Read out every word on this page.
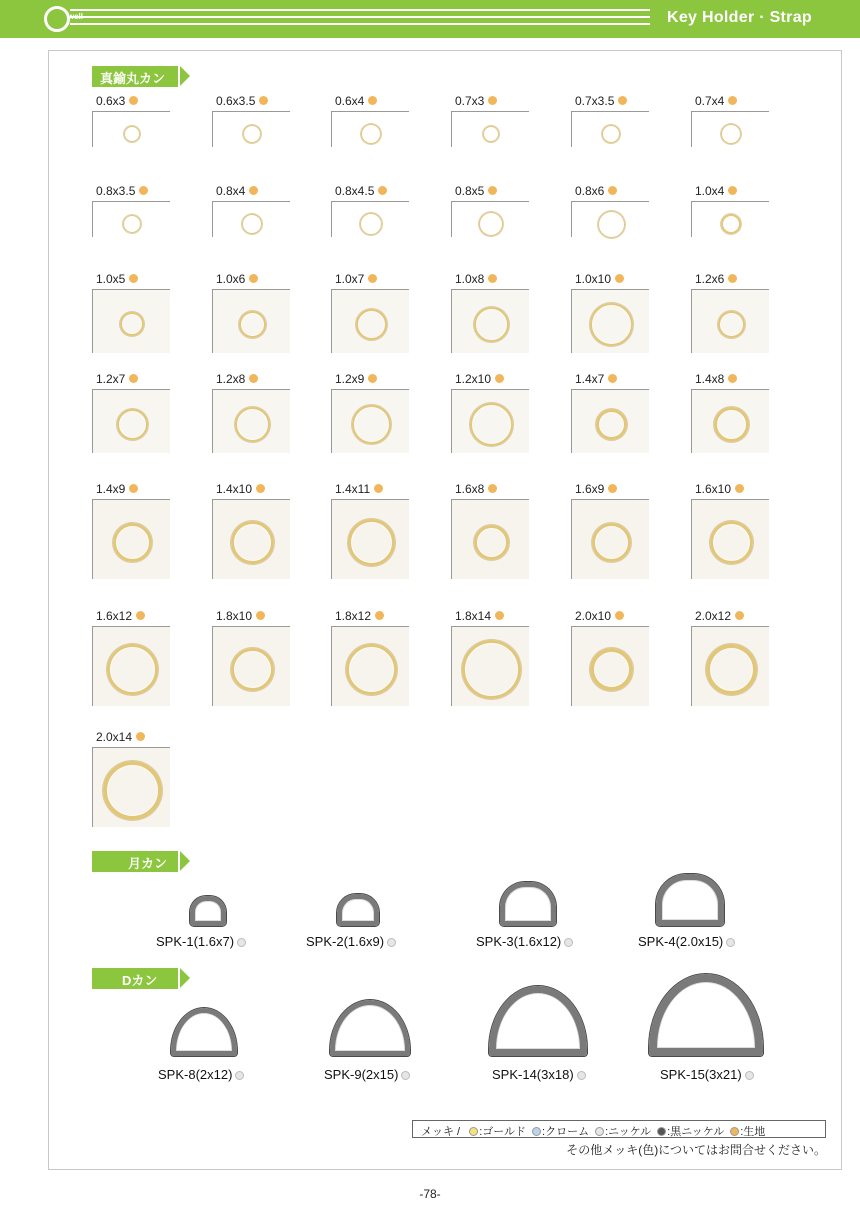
well	Key Holder · Strap
真鍮丸カン
0.6x3	0.6x3.5	0.6x4	0.7x3	0.7x3.5	0.7x4
0.8x3.5	0.8x4	0.8x4.5	0.8x5	0.8x6	1.0x4
1.0x5	1.0x6	1.0x7	1.0x8	1.0x10	1.2x6
1.2x7	1.2x8	1.2x9	1.2x10	1.4x7	1.4x8
1.4x9	1.4x10	1.4x11	1.6x8	1.6x9	1.6x10
1.6x12	1.8x10	1.8x12	1.8x14	2.0x10	2.0x12
2.0x14
月カン
SPK-1(1.6x7)	SPK-2(1.6x9)	SPK-3(1.6x12)	SPK-4(2.0x15)
Dカン
SPK-8(2x12)	SPK-9(2x15)	SPK-14(3x18)	SPK-15(3x21)
メッキ / :ゴールド :クローム :ニッケル :黒ニッケル :生地
その他メッキ(色)についてはお問合せください。
-78-
